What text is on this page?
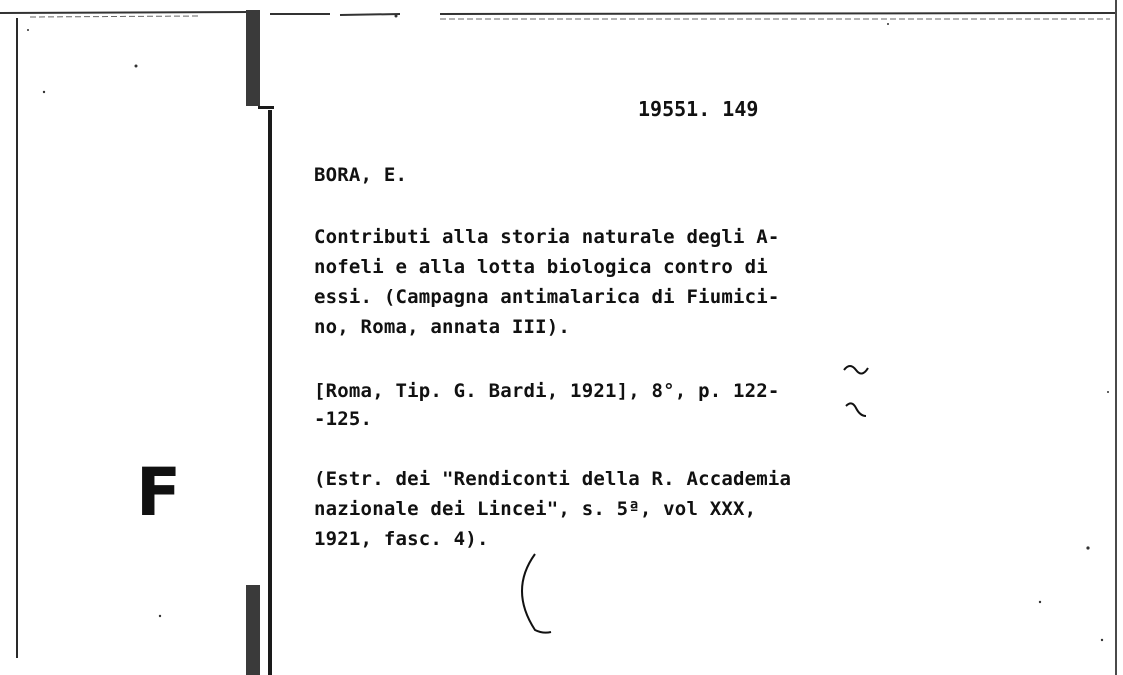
F
19551. 149
BORA, E.
Contributi alla storia naturale degli A-
nofeli e alla lotta biologica contro di
essi. (Campagna antimalarica di Fiumici-
no, Roma, annata III).
[Roma, Tip. G. Bardi, 1921], 8°, p. 122-
-125.
(Estr. dei "Rendiconti della R. Accademia
nazionale dei Lincei", s. 5ª, vol XXX,
1921, fasc. 4).
